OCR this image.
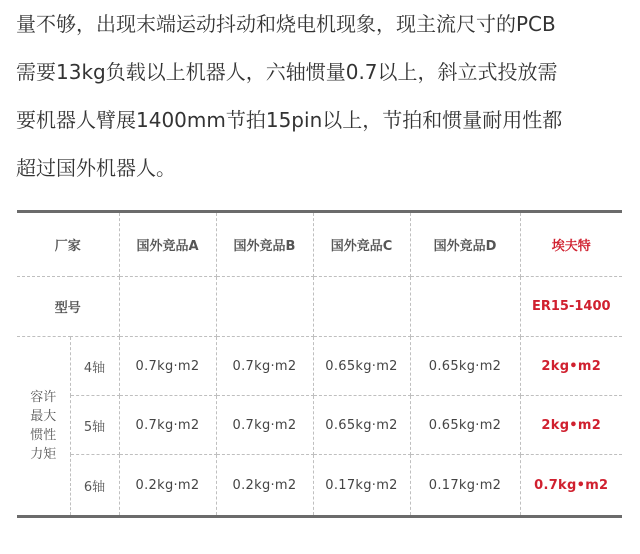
量不够，出现末端运动抖动和烧电机现象，现主流尺寸的PCB
需要13kg负载以上机器人，六轴惯量0.7以上，斜立式投放需
要机器人臂展1400mm节拍15pin以上，节拍和惯量耐用性都
超过国外机器人。
厂家		国外竞品A	国外竞品B	国外竞品C	国外竞品D	埃夫特
型号						ER15-1400
容许最大惯性力矩	4轴	0.7kg·m2	0.7kg·m2	0.65kg·m2	0.65kg·m2	2kg•m2
	5轴	0.7kg·m2	0.7kg·m2	0.65kg·m2	0.65kg·m2	2kg•m2
	6轴	0.2kg·m2	0.2kg·m2	0.17kg·m2	0.17kg·m2	0.7kg•m2
